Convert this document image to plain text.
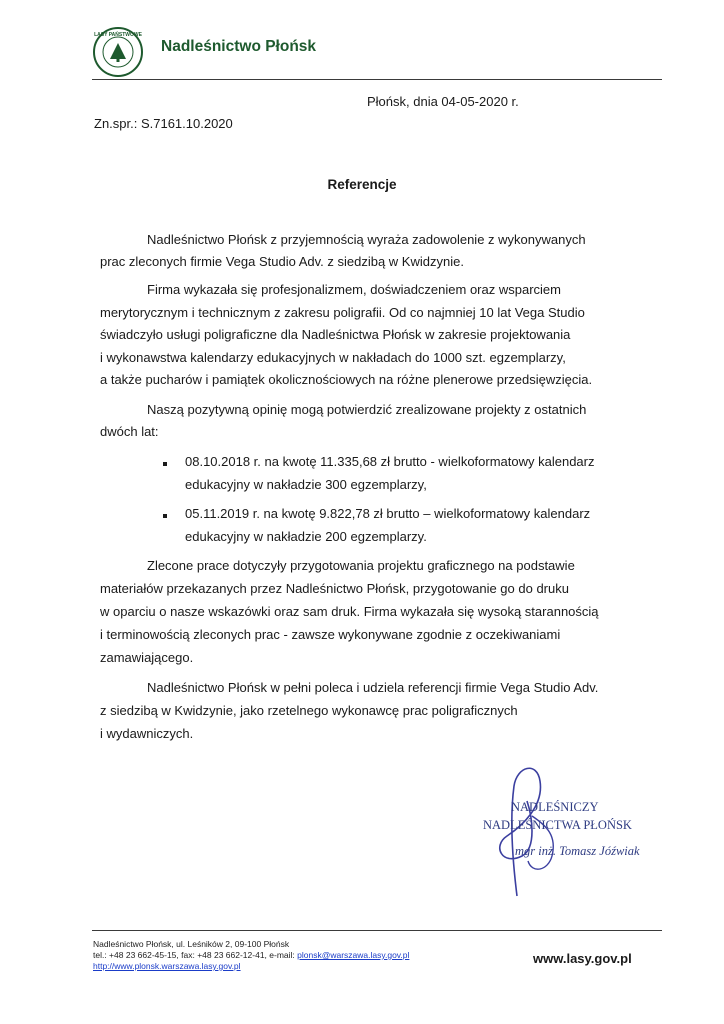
LASY PAŃSTWOWE
Nadleśnictwo Płońsk
Płońsk, dnia 04-05-2020 r.
Zn.spr.: S.7161.10.2020
Referencje
Nadleśnictwo Płońsk z przyjemnością wyraża zadowolenie z wykonywanych
prac zleconych firmie Vega Studio Adv. z siedzibą w Kwidzynie.
Firma wykazała się profesjonalizmem, doświadczeniem oraz wsparciem
merytorycznym i technicznym z zakresu poligrafii. Od co najmniej 10 lat Vega Studio
świadczyło usługi poligraficzne dla Nadleśnictwa Płońsk w zakresie projektowania
i wykonawstwa kalendarzy edukacyjnych w nakładach do 1000 szt. egzemplarzy,
a także pucharów i pamiątek okolicznościowych na różne plenerowe przedsięwzięcia.
Naszą pozytywną opinię mogą potwierdzić zrealizowane projekty z ostatnich
dwóch lat:
08.10.2018 r. na kwotę 11.335,68 zł brutto - wielkoformatowy kalendarz
edukacyjny w nakładzie 300 egzemplarzy,
05.11.2019 r. na kwotę 9.822,78 zł brutto – wielkoformatowy kalendarz
edukacyjny w nakładzie 200 egzemplarzy.
Zlecone prace dotyczyły przygotowania projektu graficznego na podstawie
materiałów przekazanych przez Nadleśnictwo Płońsk, przygotowanie go do druku
w oparciu o nasze wskazówki oraz sam druk. Firma wykazała się wysoką starannością
i terminowością zleconych prac - zawsze wykonywane zgodnie z oczekiwaniami
zamawiającego.
Nadleśnictwo Płońsk w pełni poleca i udziela referencji firmie Vega Studio Adv.
z siedzibą w Kwidzynie, jako rzetelnego wykonawcę prac poligraficznych
i wydawniczych.
NADLEŚNICZY
NADLEŚNICTWA PŁOŃSK
mgr inż. Tomasz Jóźwiak
Nadleśnictwo Płońsk, ul. Leśników 2, 09-100 Płońsk
tel.: +48 23 662-45-15, fax: +48 23 662-12-41, e-mail: plonsk@warszawa.lasy.gov.pl
http://www.plonsk.warszawa.lasy.gov.pl	www.lasy.gov.pl
